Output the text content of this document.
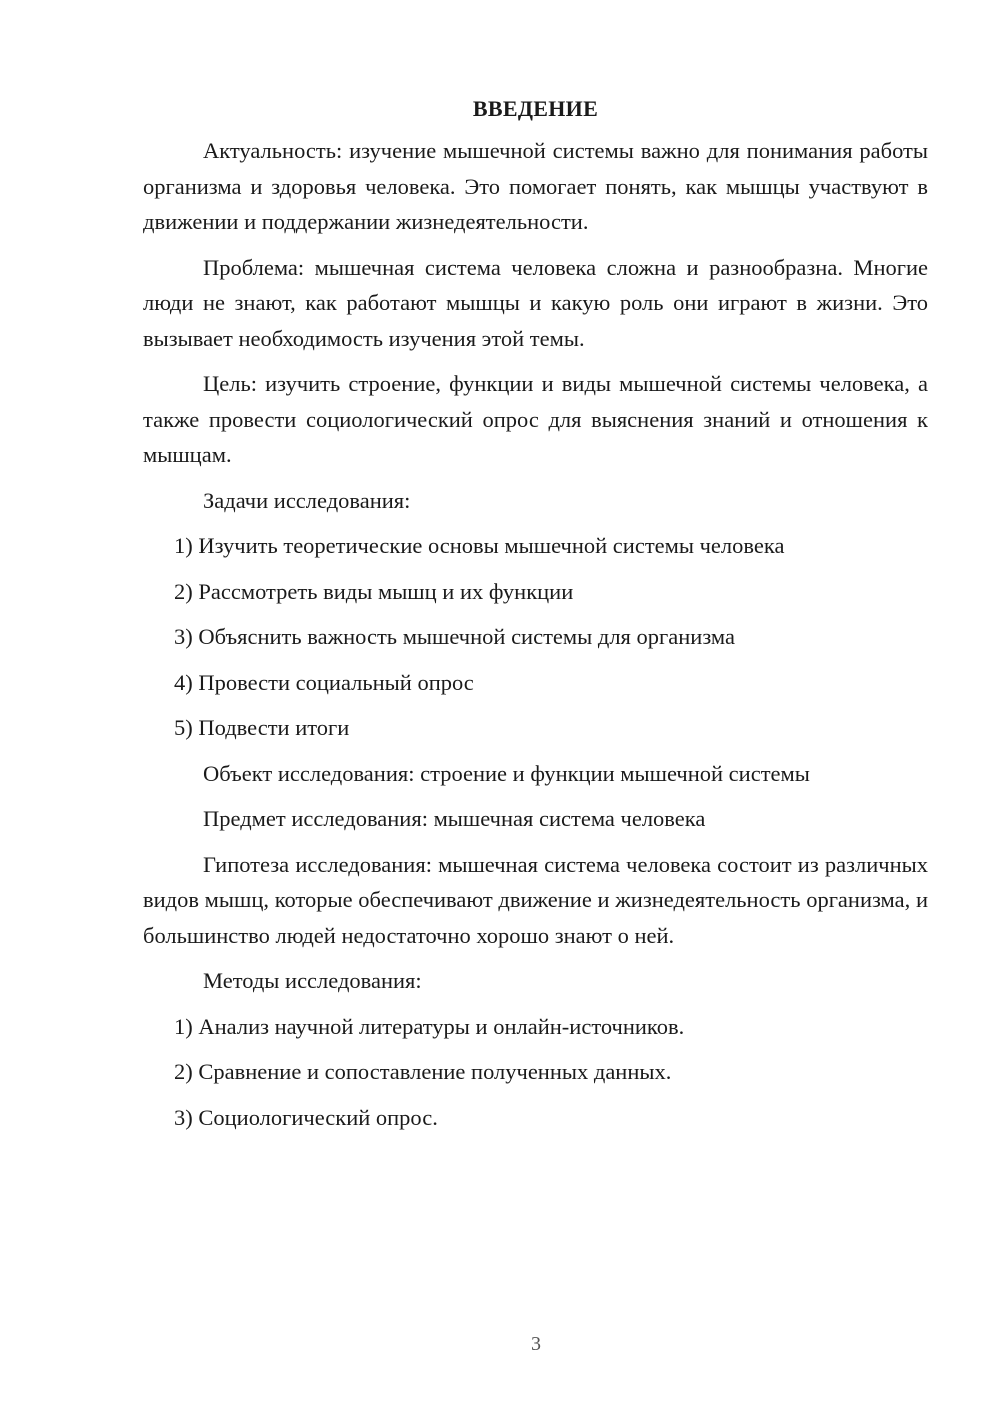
ВВЕДЕНИЕ

Актуальность: изучение мышечной системы важно для понимания работы организма и здоровья человека. Это помогает понять, как мышцы участвуют в движении и поддержании жизнедеятельности.

Проблема: мышечная система человека сложна и разнообразна. Многие люди не знают, как работают мышцы и какую роль они играют в жизни. Это вызывает необходимость изучения этой темы.

Цель: изучить строение, функции и виды мышечной системы человека, а также провести социологический опрос для выяснения знаний и отношения к мышцам.

Задачи исследования:
1) Изучить теоретические основы мышечной системы человека
2) Рассмотреть виды мышц и их функции
3) Объяснить важность мышечной системы для организма
4) Провести социальный опрос
5) Подвести итоги
Объект исследования: строение и функции мышечной системы
Предмет исследования: мышечная система человека

Гипотеза исследования: мышечная система человека состоит из различных видов мышц, которые обеспечивают движение и жизнедеятельность организма, и большинство людей недостаточно хорошо знают о ней.

Методы исследования:
1) Анализ научной литературы и онлайн-источников.
2) Сравнение и сопоставление полученных данных.
3) Социологический опрос.
3
